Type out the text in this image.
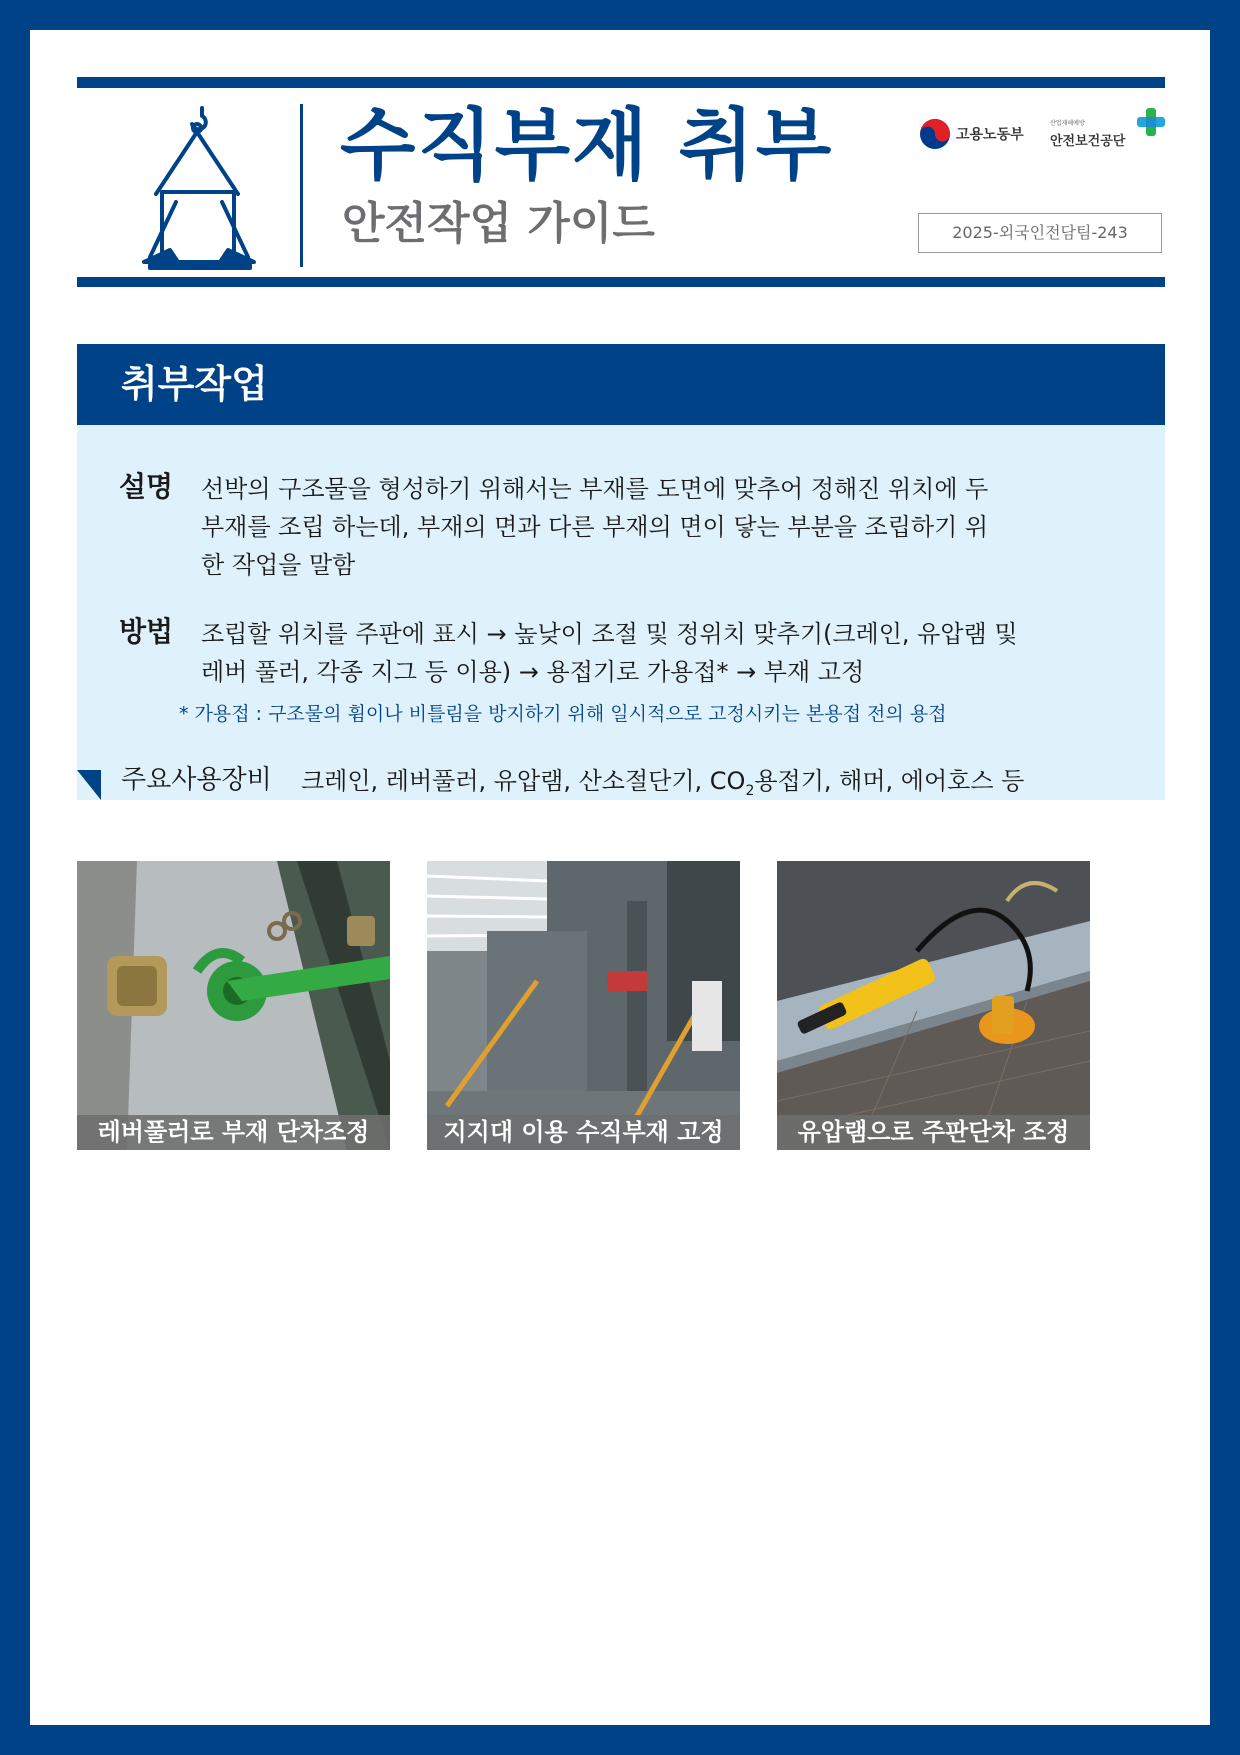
수직부재 취부
안전작업 가이드
고용노동부
산업재해예방
안전보건공단
2025-외국인전담팀-243
취부작업
설명 선박의 구조물을 형성하기 위해서는 부재를 도면에 맞추어 정해진 위치에 두 부재를 조립 하는데, 부재의 면과 다른 부재의 면이 닿는 부분을 조립하기 위한 작업을 말함
방법 조립할 위치를 주판에 표시 → 높낮이 조절 및 정위치 맞추기(크레인, 유압램 및 레버 풀러, 각종 지그 등 이용) → 용접기로 가용접* → 부재 고정
* 가용접 : 구조물의 휨이나 비틀림을 방지하기 위해 일시적으로 고정시키는 본용접 전의 용접
주요사용장비 크레인, 레버풀러, 유압램, 산소절단기, $CO_2$용접기, 해머, 에어호스 등
레버풀러로 부재 단차조정	지지대 이용 수직부재 고정	유압램으로 주판단차 조정
